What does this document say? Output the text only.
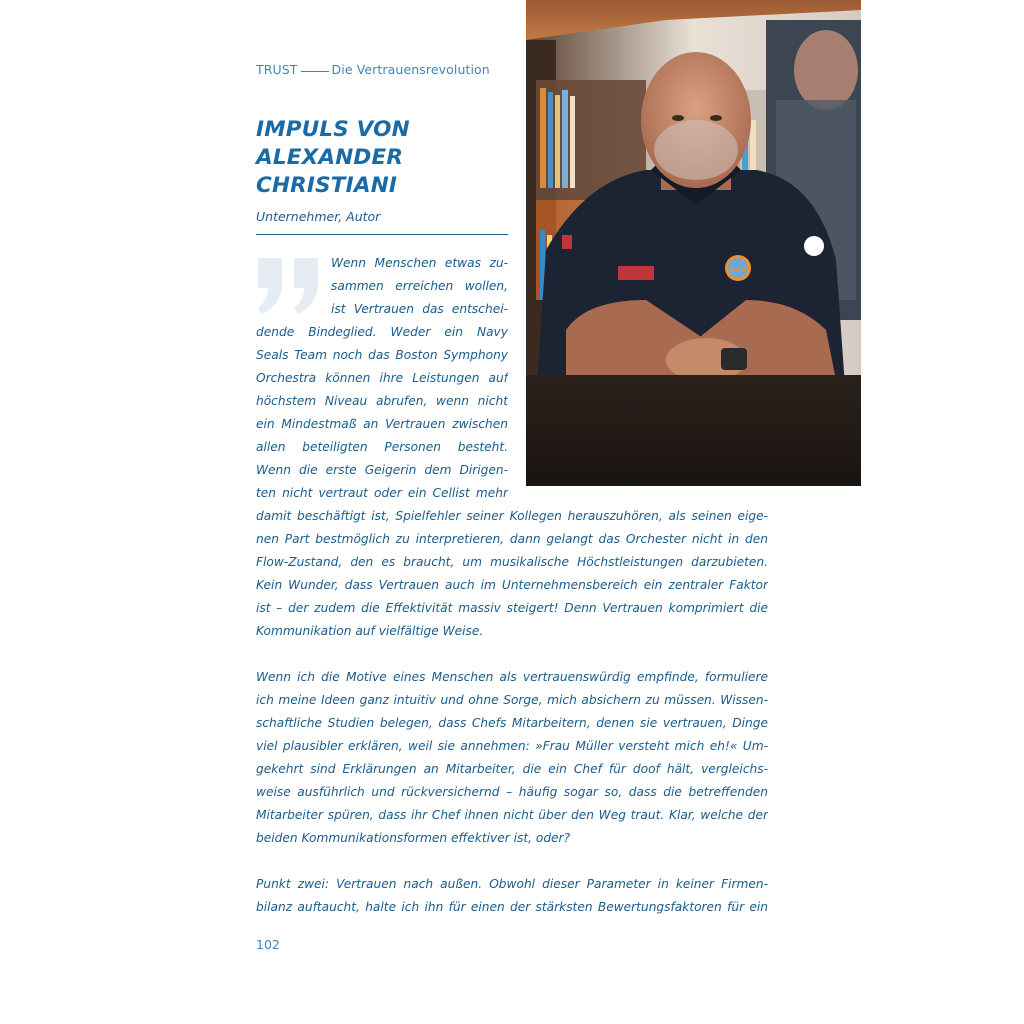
TRUST	Die Vertrauensrevolution
IMPULS VON
ALEXANDER
CHRISTIANI
Unternehmer, Autor
Gulf
Wenn Menschen etwas zu-
sammen erreichen wollen,
ist Vertrauen das entschei-
dende Bindeglied. Weder ein Navy
Seals Team noch das Boston Symphony
Orchestra können ihre Leistungen auf
höchstem Niveau abrufen, wenn nicht
ein Mindestmaß an Vertrauen zwischen
allen beteiligten Personen besteht.
Wenn die erste Geigerin dem Dirigen-
ten nicht vertraut oder ein Cellist mehr
damit beschäftigt ist, Spielfehler seiner Kollegen herauszuhören, als seinen eige-
nen Part bestmöglich zu interpretieren, dann gelangt das Orchester nicht in den
Flow-Zustand, den es braucht, um musikalische Höchstleistungen darzubieten.
Kein Wunder, dass Vertrauen auch im Unternehmensbereich ein zentraler Faktor
ist – der zudem die Effektivität massiv steigert! Denn Vertrauen komprimiert die
Kommunikation auf vielfältige Weise.
Wenn ich die Motive eines Menschen als vertrauenswürdig empfinde, formuliere
ich meine Ideen ganz intuitiv und ohne Sorge, mich absichern zu müssen. Wissen-
schaftliche Studien belegen, dass Chefs Mitarbeitern, denen sie vertrauen, Dinge
viel plausibler erklären, weil sie annehmen: »Frau Müller versteht mich eh!« Um-
gekehrt sind Erklärungen an Mitarbeiter, die ein Chef für doof hält, vergleichs-
weise ausführlich und rückversichernd – häufig sogar so, dass die betreffenden
Mitarbeiter spüren, dass ihr Chef ihnen nicht über den Weg traut. Klar, welche der
beiden Kommunikationsformen effektiver ist, oder?
Punkt zwei: Vertrauen nach außen. Obwohl dieser Parameter in keiner Firmen-
bilanz auftaucht, halte ich ihn für einen der stärksten Bewertungsfaktoren für ein
102
